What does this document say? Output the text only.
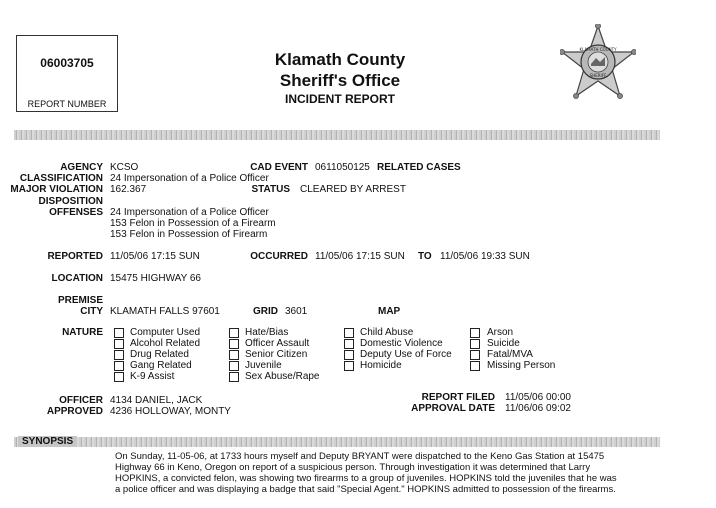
06003705
REPORT NUMBER
Klamath County
Sheriff's Office
INCIDENT REPORT
KLAMATH COUNTY
SHERIFF
AGENCY KCSO
CLASSIFICATION 24 Impersonation of a Police Officer
MAJOR VIOLATION 162.367
DISPOSITION
OFFENSES 24 Impersonation of a Police Officer
153 Felon in Possession of a Firearm
153 Felon in Possession of Firearm
CAD EVENT 0611050125 RELATED CASES
STATUS CLEARED BY ARREST
REPORTED 11/05/06 17:15 SUN	OCCURRED 11/05/06 17:15 SUN TO 11/05/06 19:33 SUN
LOCATION 15475 HIGHWAY 66
PREMISE
CITY KLAMATH FALLS 97601	GRID 3601	MAP
NATURE	Computer Used
Alcohol Related
Drug Related
Gang Related
K-9 Assist
Hate/Bias
Officer Assault
Senior Citizen
Juvenile
Sex Abuse/Rape
Child Abuse
Domestic Violence
Deputy Use of Force
Homicide
Arson
Suicide
Fatal/MVA
Missing Person
OFFICER 4134 DANIEL, JACK
APPROVED 4236 HOLLOWAY, MONTY
REPORT FILED 11/05/06 00:00
APPROVAL DATE 11/06/06 09:02
SYNOPSIS
On Sunday, 11-05-06, at 1733 hours myself and Deputy BRYANT were dispatched to the Keno Gas Station at 15475
Highway 66 in Keno, Oregon on report of a suspicious person. Through investigation it was determined that Larry
HOPKINS, a convicted felon, was showing two firearms to a group of juveniles. HOPKINS told the juveniles that he was
a police officer and was displaying a badge that said "Special Agent." HOPKINS admitted to possession of the firearms.
